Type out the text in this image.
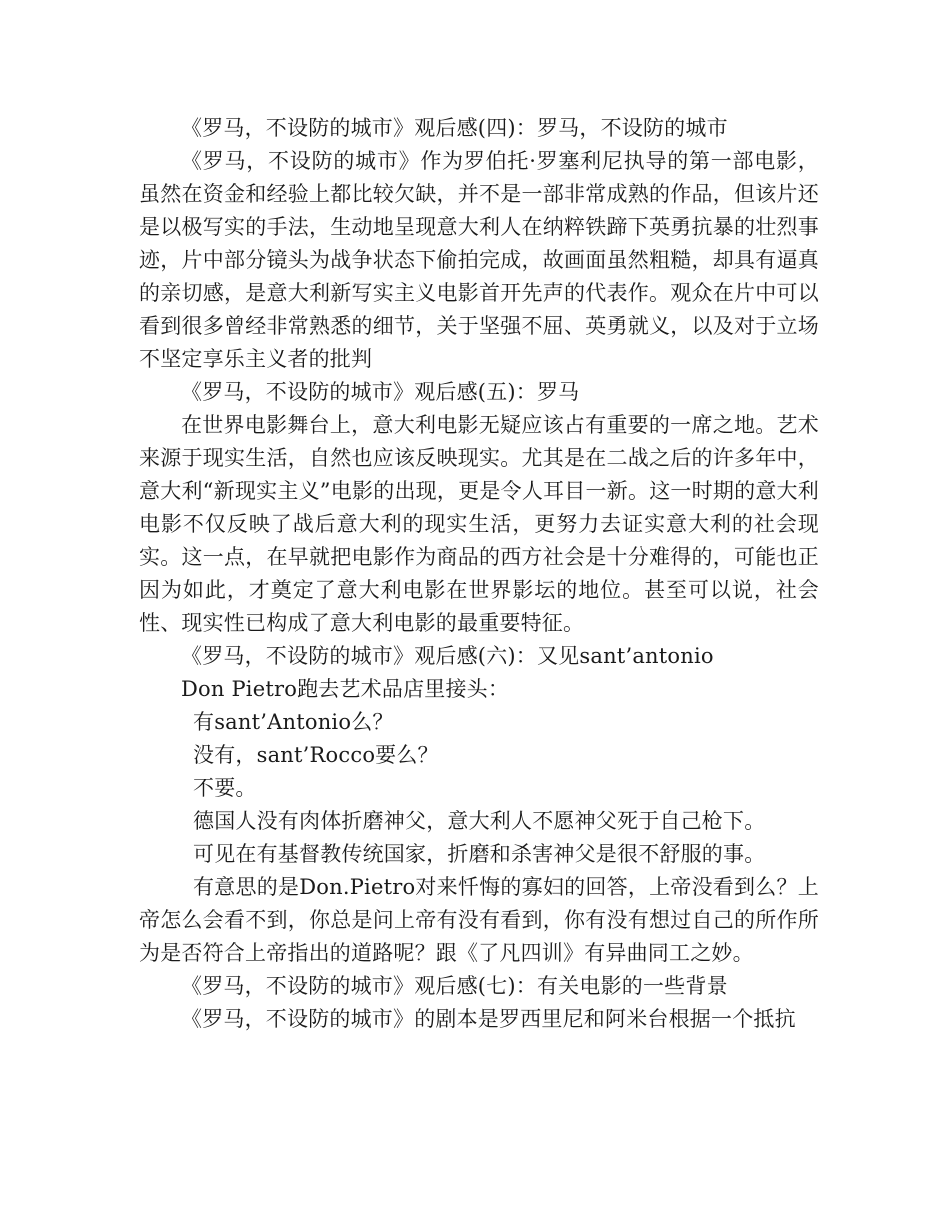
《罗马，不设防的城市》观后感(四)：罗马，不设防的城市

《罗马，不设防的城市》作为罗伯托·罗塞利尼执导的第一部电影，虽然在资金和经验上都比较欠缺，并不是一部非常成熟的作品，但该片还是以极写实的手法，生动地呈现意大利人在纳粹铁蹄下英勇抗暴的壮烈事迹，片中部分镜头为战争状态下偷拍完成，故画面虽然粗糙，却具有逼真的亲切感，是意大利新写实主义电影首开先声的代表作。观众在片中可以看到很多曾经非常熟悉的细节，关于坚强不屈、英勇就义，以及对于立场不坚定享乐主义者的批判

《罗马，不设防的城市》观后感(五)：罗马

在世界电影舞台上，意大利电影无疑应该占有重要的一席之地。艺术来源于现实生活，自然也应该反映现实。尤其是在二战之后的许多年中，意大利“新现实主义”电影的出现，更是令人耳目一新。这一时期的意大利电影不仅反映了战后意大利的现实生活，更努力去证实意大利的社会现实。这一点，在早就把电影作为商品的西方社会是十分难得的，可能也正因为如此，才奠定了意大利电影在世界影坛的地位。甚至可以说，社会性、现实性已构成了意大利电影的最重要特征。

《罗马，不设防的城市》观后感(六)：又见sant’antonio

Don Pietro跑去艺术品店里接头：

有sant’Antonio么？

没有，sant’Rocco要么？

不要。

德国人没有肉体折磨神父，意大利人不愿神父死于自己枪下。

可见在有基督教传统国家，折磨和杀害神父是很不舒服的事。

有意思的是Don.Pietro对来忏悔的寡妇的回答，上帝没看到么？上帝怎么会看不到，你总是问上帝有没有看到，你有没有想过自己的所作所为是否符合上帝指出的道路呢？跟《了凡四训》有异曲同工之妙。

《罗马，不设防的城市》观后感(七)：有关电影的一些背景

《罗马，不设防的城市》的剧本是罗西里尼和阿米台根据一个抵抗
